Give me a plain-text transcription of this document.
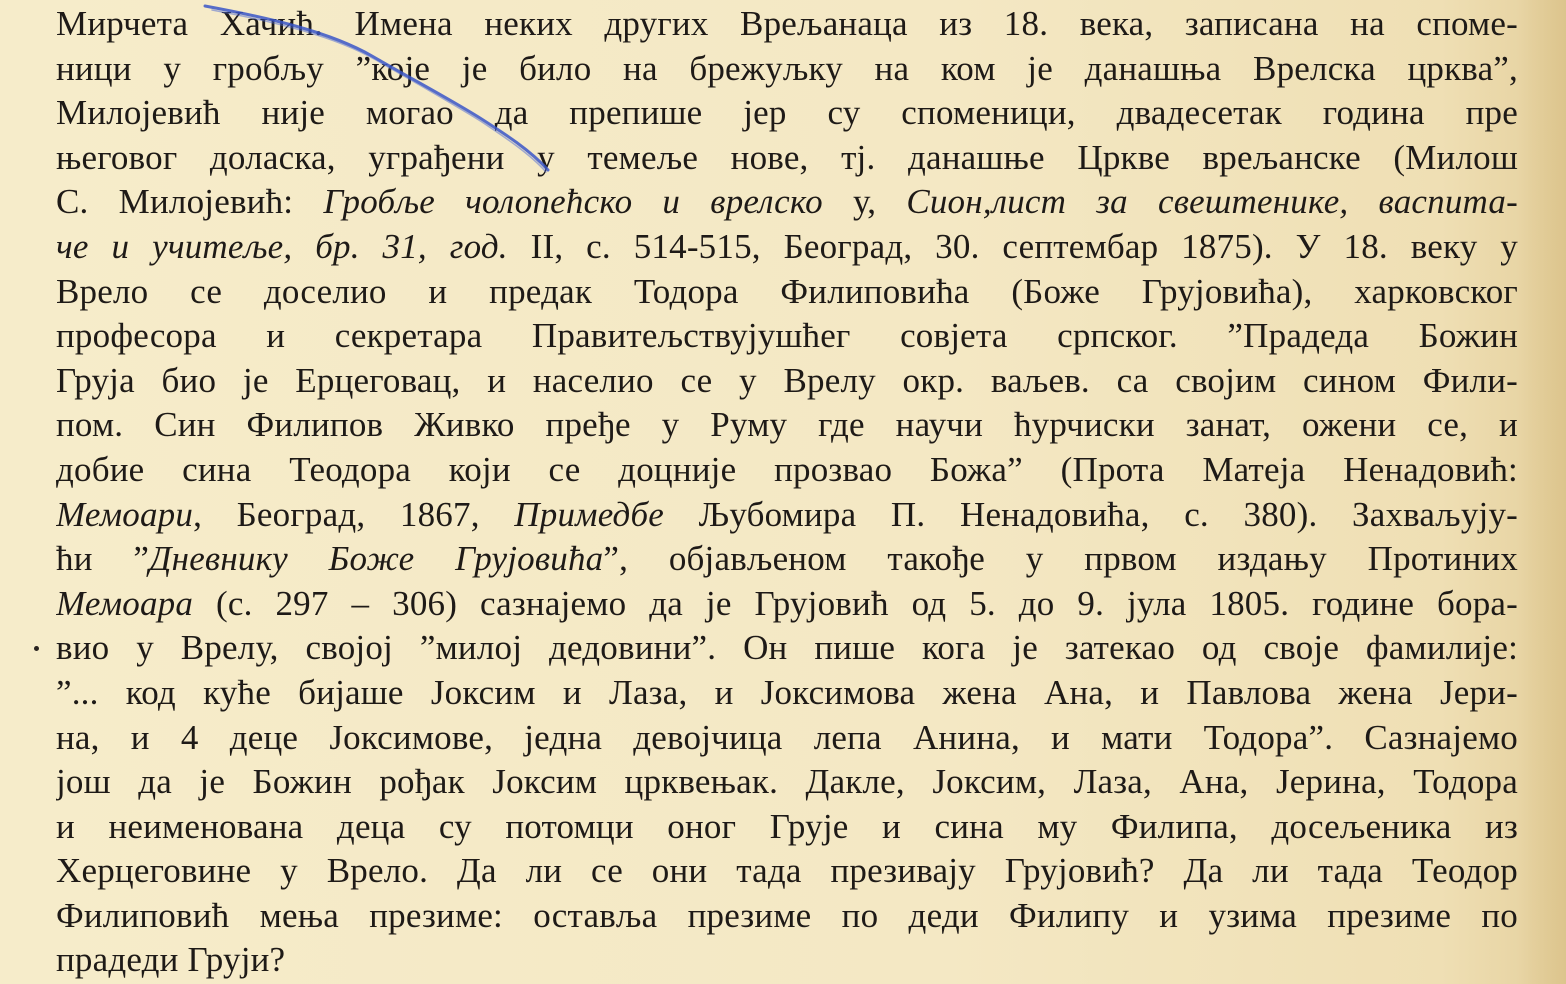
Мирчета Хачић. Имена неких других Врељанаца из 18. века, записана на споме-
ници у гробљу ”које је било на брежуљку на ком је данашња Врелска црква”,
Милојевић није могао да препише јер су споменици, двадесетак година пре
његовог доласка, уграђени у темеље нове, тј. данашње Цркве врељанске (Милош
С. Милојевић: Гробље чолопећско и врелско у, Сион,лист за свештенике, васпита-
че и учитеље, бр. 31, год. II, с. 514-515, Београд, 30. септембар 1875). У 18. веку у
Врело се доселио и предак Тодора Филиповића (Боже Грујовића), харковског
професора и секретара Правитељствујушћег совјета српског. ”Прадеда Божин
Груја био је Ерцеговац, и населио се у Врелу окр. ваљев. са својим сином Фили-
пом. Син Филипов Живко пређе у Руму где научи ћурчиски занат, ожени се, и
добие сина Теодора који се доцније прозвао Божа” (Прота Матеја Ненадовић:
Мемоари, Београд, 1867, Примедбе Љубомира П. Ненадовића, с. 380). Захваљују-
ћи ”Дневнику Боже Грујовића”, објављеном такође у првом издању Протиних
Мемоара (с. 297 – 306) сазнајемо да је Грујовић од 5. до 9. јула 1805. године бора-
вио у Врелу, својој ”милој дедовини”. Он пише кога је затекао од своје фамилије:
”... код куће бијаше Јоксим и Лаза, и Јоксимова жена Ана, и Павлова жена Јери-
на, и 4 деце Јоксимове, једна девојчица лепа Анина, и мати Тодора”. Сазнајемо
још да је Божин рођак Јоксим црквењак. Дакле, Јоксим, Лаза, Ана, Јерина, Тодора
и неименована деца су потомци оног Грује и сина му Филипа, досељеника из
Херцеговине у Врело. Да ли се они тада презивају Грујовић? Да ли тада Теодор
Филиповић мења презиме: оставља презиме по деди Филипу и узима презиме по
прадеди Груји?
